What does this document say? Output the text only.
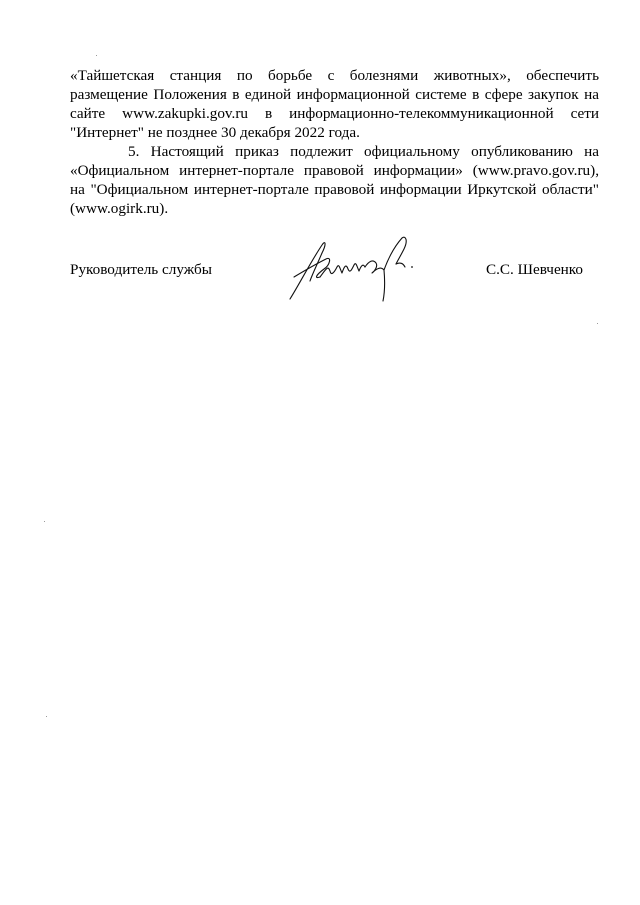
«Тайшетская станция по борьбе с болезнями животных», обеспечить
размещение Положения в единой информационной системе в сфере закупок на
сайте www.zakupki.gov.ru в информационно-телекоммуникационной сети
"Интернет" не позднее 30 декабря 2022 года.
5. Настоящий приказ подлежит официальному опубликованию на
«Официальном интернет-портале правовой информации» (www.pravo.gov.ru),
на "Официальном интернет-портале правовой информации Иркутской области"
(www.ogirk.ru).
Руководитель службы	С.С. Шевченко
